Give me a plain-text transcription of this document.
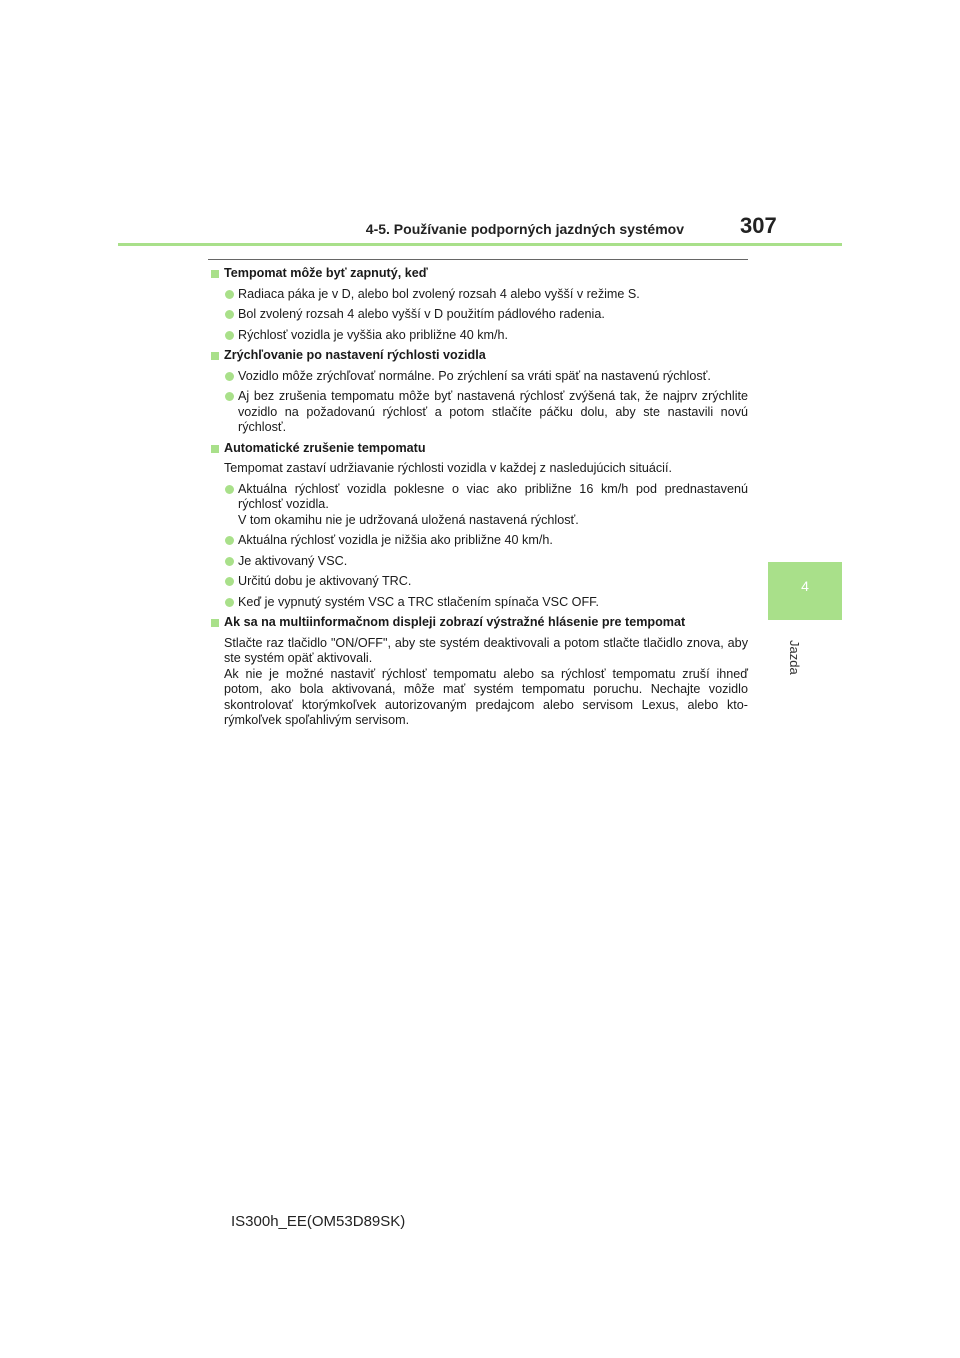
4-5. Používanie podporných jazdných systémov	307
4
Jazda
Tempomat môže byť zapnutý, keď
Radiaca páka je v D, alebo bol zvolený rozsah 4 alebo vyšší v režime S.
Bol zvolený rozsah 4 alebo vyšší v D použitím pádlového radenia.
Rýchlosť vozidla je vyššia ako približne 40 km/h.
Zrýchľovanie po nastavení rýchlosti vozidla
Vozidlo môže zrýchľovať normálne. Po zrýchlení sa vráti späť na nastavenú rýchlosť.
Aj bez zrušenia tempomatu môže byť nastavená rýchlosť zvýšená tak, že najprv zrýchlite vozidlo na požadovanú rýchlosť a potom stlačíte páčku dolu, aby ste nastavili novú rýchlosť.
Automatické zrušenie tempomatu
Tempomat zastaví udržiavanie rýchlosti vozidla v každej z nasledujúcich situácií.
Aktuálna rýchlosť vozidla poklesne o viac ako približne 16 km/h pod prednastavenú rýchlosť vozidla.
V tom okamihu nie je udržovaná uložená nastavená rýchlosť.
Aktuálna rýchlosť vozidla je nižšia ako približne 40 km/h.
Je aktivovaný VSC.
Určitú dobu je aktivovaný TRC.
Keď je vypnutý systém VSC a TRC stlačením spínača VSC OFF.
Ak sa na multiinformačnom displeji zobrazí výstražné hlásenie pre tempomat
Stlačte raz tlačidlo "ON/OFF", aby ste systém deaktivovali a potom stlačte tlačidlo znova, aby ste systém opäť aktivovali.
Ak nie je možné nastaviť rýchlosť tempomatu alebo sa rýchlosť tempomatu zruší ihneď potom, ako bola aktivovaná, môže mať systém tempomatu poruchu. Nechajte vozidlo skontrolovať ktorýmkoľvek autorizovaným predajcom alebo servisom Lexus, alebo ktorýmkoľvek spoľahlivým servisom.
IS300h_EE(OM53D89SK)
